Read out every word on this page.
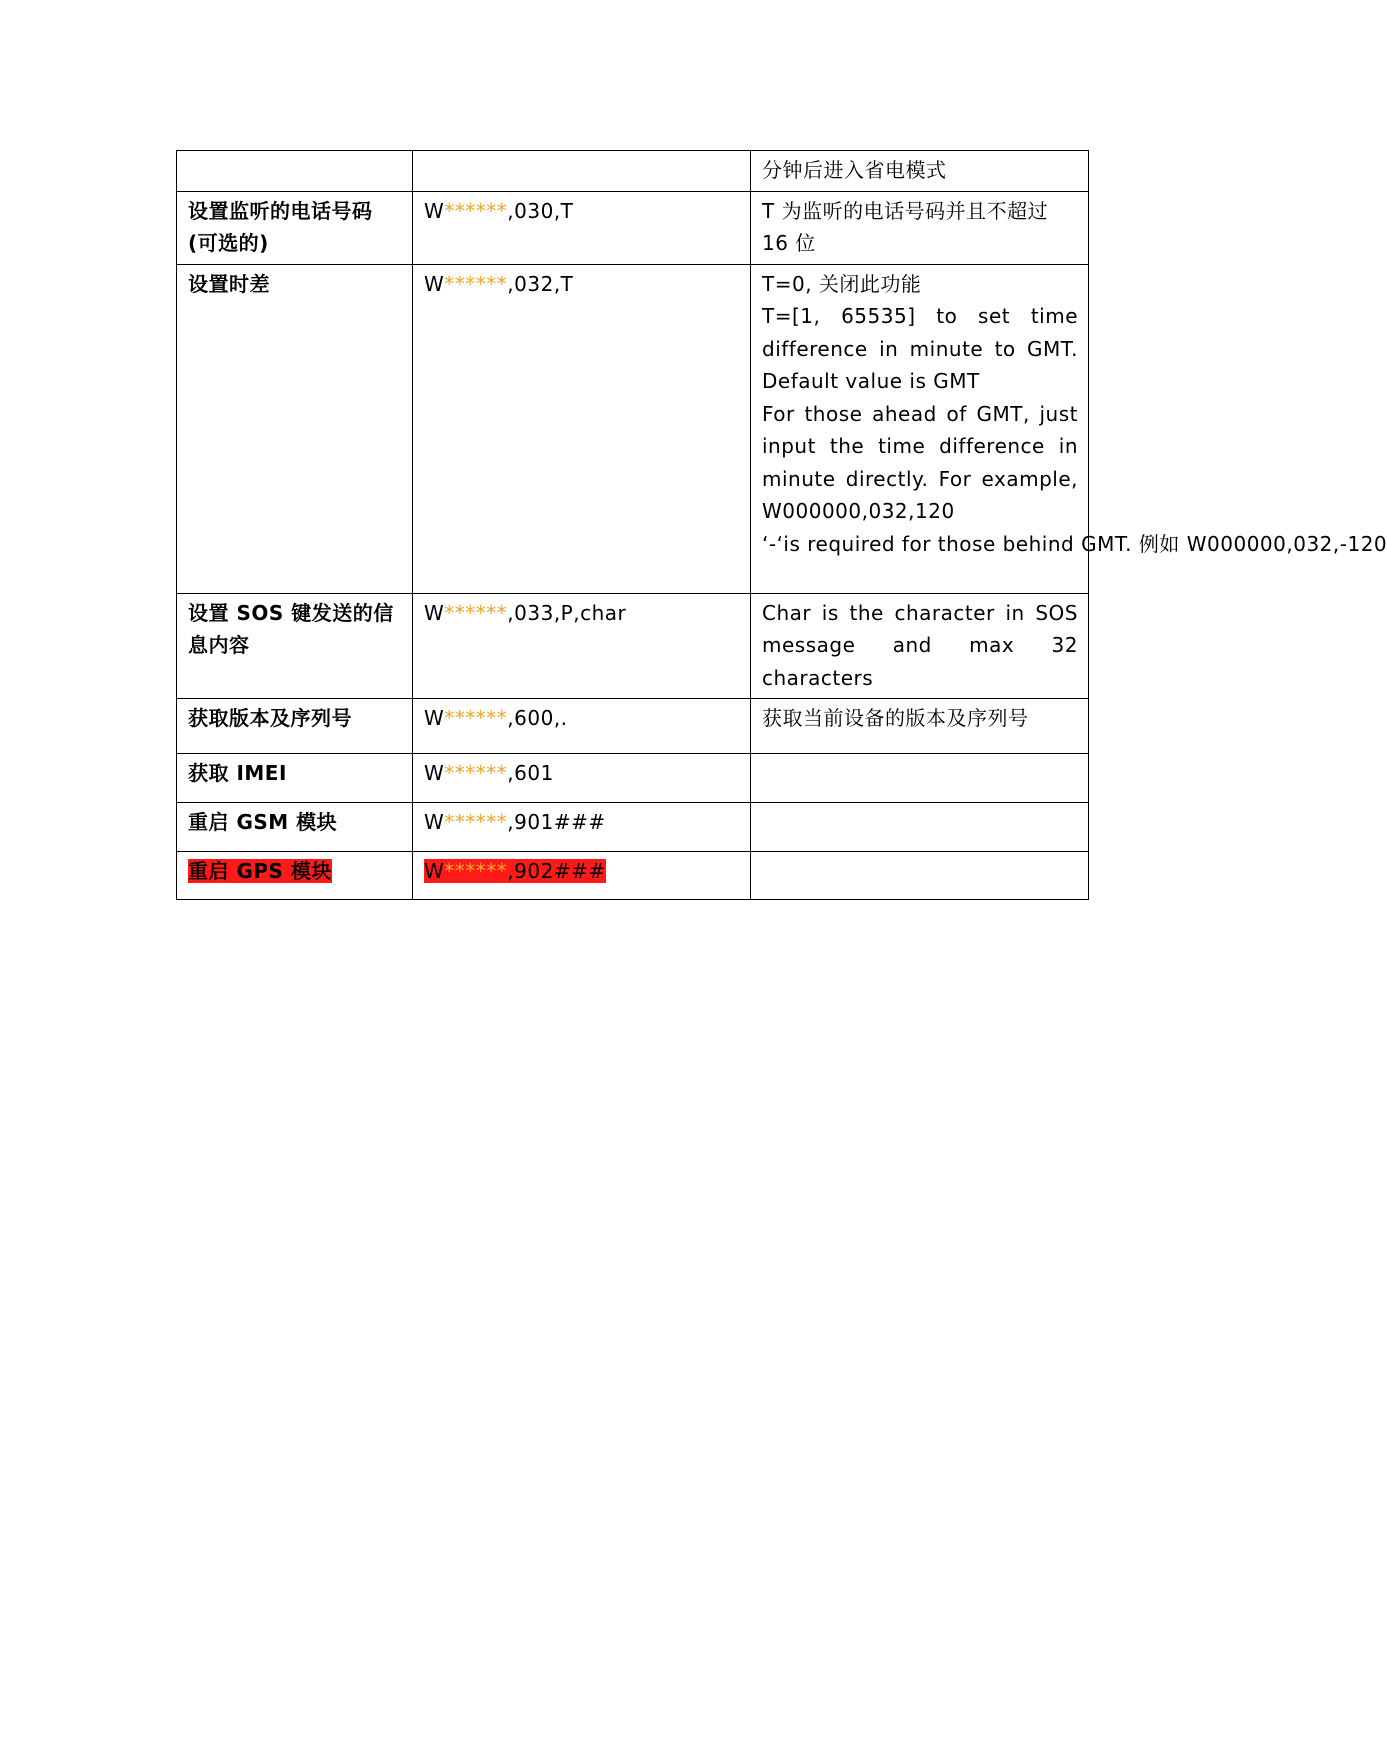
		分钟后进入省电模式

设置监听的电话号码(可选的)	W******,030,T	T 为监听的电话号码并且不超过 16 位

设置时差	W******,032,T	T=0, 关闭此功能
T=[1, 65535] to set time difference in minute to GMT. Default value is GMT
For those ahead of GMT, just input the time difference in minute directly. For example, W000000,032,120
‘-‘is required for those behind GMT. 例如 W000000,032,-120

设置 SOS 键发送的信息内容	W******,033,P,char	Char is the character in SOS message and max 32 characters

获取版本及序列号	W******,600,.	获取当前设备的版本及序列号

获取 IMEI	W******,601	

重启 GSM 模块	W******,901###	

重启 GPS 模块	W******,902###	
